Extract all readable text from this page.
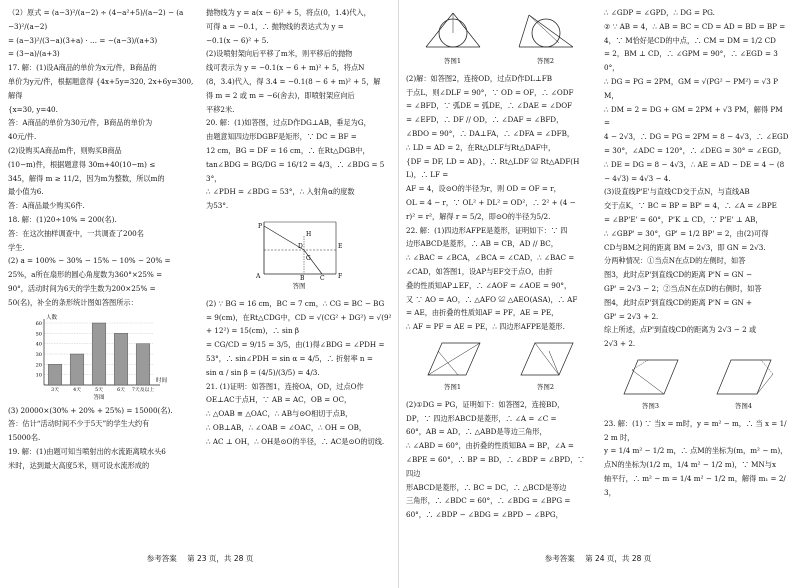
（2）原式 = (a−3)²/(a−2) ÷ (4−a²+5)/(a−2) − (a−3)²/(a−2)

= (a−3)²/(3−a)(3+a) · … = −(a−3)/(a+3)

= (3−a)/(a+3)

17. 解：(1)设A商品的单价为x元/件，B商品的

单价为y元/件，根据题意得 {4x+5y=320, 2x+6y=300, 解得

{x=30, y=40.

答：A商品的单价为30元/件，B商品的单价为

40元/件.

(2)设购买A商品m件，则购买B商品

(10−m)件，根据题意得 30m+40(10−m) ≤

345，解得 m ≥ 11/2，因为m为整数，所以m的

最小值为6.

答：A商品最少购买6件.

18. 解：(1)20÷10% = 200(名).

答：在这次抽样调查中，一共调查了200名

学生.

(2) a = 100% − 30% − 15% − 10% − 20% =

25%，a所在扇形的圆心角度数为360°×25% =

90°，活动时间为6天的学生数为200×25% =

50(名)，补全的条形统计图如答图所示：

10
20
30
40
50
60
人数
时间
3天	4天	5天	6天 7天及以上
答图

(3) 20000×(30% + 20% + 25%) = 15000(名).

答：估计“活动时间不少于5天”的学生大约有

15000名.

19. 解：(1)由题可知当喷射出的水流距离喷水头6

米时，达到最大高度5米，则可设水流形成的

抛物线为 y = a(x − 6)² + 5，将点(0，1.4)代入，

可得 a = −0.1，∴ 抛物线的表达式为 y =

−0.1(x − 6)² + 5.

(2)设喷射架向后平移了m米，则平移后的抛物

线可表示为 y = −0.1(x − 6 + m)² + 5，将点N

(8，3.4)代入，得 3.4 = −0.1(8 − 6 + m)² + 5，解

得 m = 2 或 m = −6(舍去)，即喷射架应向后

平移2米.

20. 解：(1)如答图，过点D作DG⊥AB，垂足为G，

由题意知四边形DGBF是矩形，∵ DC = BF =

12 cm，BG = DF = 16 cm，∴ 在Rt△DGB中，

tan∠BDG = BG/DG = 16/12 = 4/3，∴ ∠BDG = 53°，

∴ ∠PDH = ∠BDG = 53°，∴ 入射角α的度数

为53°.

P
H
D	E
G
A	B	C F
答图

(2) ∵ BG = 16 cm，BC = 7 cm，∴ CG = BC − BG

= 9(cm)，在Rt△CDG中，CD = √(CG² + DG²) = √(9² + 12²) = 15(cm)，∴ sin β

= CG/CD = 9/15 = 3/5，由(1)得∠BDG = ∠PDH =

53°，∴ sin∠PDH = sin α = 4/5，∴ 折射率 n =

sin α / sin β = (4/5)/(3/5) = 4/3.

21. (1)证明：如答图1，连接OA，OD，过点O作

OE⊥AC于点H，∵ AB = AC，OB = OC，

∴ △OAB ≌ △OAC，∴ AB与⊙O相切于点B，

∴ OB⊥AB，∴ ∠OAB = ∠OAC，∴ OH = OB，

∴ AC ⊥ OH，∴ OH是⊙O的半径，∴ AC是⊙O的切线.

参考答案 第 23 页，共 28 页
答图1	答图2

(2)解：如答图2，连接OD，过点D作DL⊥FB

于点L，则∠DLF = 90°，∵ OD = OF，∴ ∠ODF

= ∠BFD，∵ 弧DE = 弧DE，∴ ∠DAE = ∠DOF

= ∠EFD，∴ DF // OD，∴ ∠DAF = ∠BFD，

∠BDO = 90°，∴ DA⊥FA，∴ ∠DFA = ∠DFB，

∴ LD = AD = 2，在Rt△DLF与Rt△DAF中，

{DF = DF, LD = AD}，∴ Rt△LDF ≌ Rt△ADF(HL)，∴ LF =

AF = 4，设⊙O的半径为r，则 OD = OF = r，

OL = 4 − r，∵ OL² + DL² = OD²，∴ 2² + (4 −

r)² = r²，解得 r = 5/2，即⊙O的半径为5/2.

22. 解：(1)四边形AFPE是菱形，证明如下：∵ 四

边形ABCD是菱形，∴ AB = CB，AD // BC，

∴ ∠BAC = ∠BCA，∠BCA = ∠CAD，∴ ∠BAC =

∠CAD，如答图1，设AP与EF交于点O，由折

叠的性质知AP⊥EF，∴ ∠AOF = ∠AOE = 90°，

又 ∵ AO = AO，∴ △AFO ≌ △AEO(ASA)，∴ AF

= AE，由折叠的性质知AF = PF，AE = PE，

∴ AF = PF = AE = PE，∴ 四边形AFPE是菱形.

答图1	答图2

(2)①DG = PG，证明如下：如答图2，连接BD，

DP，∵ 四边形ABCD是菱形，∴ ∠A = ∠C =

60°，AB = AD，∴ △ABD是等边三角形，

∴ ∠ABD = 60°，由折叠的性质知BA = BP，∠A =

∠BPE = 60°，∴ BP = BD，∴ ∠BDP = ∠BPD，∵ 四边

形ABCD是菱形，∴ BC = DC，∴ △BCD是等边

三角形，∴ ∠BDC = 60°，∴ ∠BDG = ∠BPG =

60°，∴ ∠BDP − ∠BDG = ∠BPD − ∠BPG，

∴ ∠GDP = ∠GPD，∴ DG = PG.

② ∵ AB = 4，∴ AB = BC = CD = AD = BD = BP =

4，∵ M恰好是CD的中点，∴ CM = DM = 1/2 CD

= 2，BM ⊥ CD，∴ ∠GPM = 90°，∴ ∠EGD = 30°，

∴ DG = PG = 2PM，GM = √(PG² − PM²) = √3 PM，

∴ DM = 2 = DG + GM = 2PM + √3 PM，解得 PM =

4 − 2√3，∴ DG = PG = 2PM = 8 − 4√3，∴ ∠EGD

= 30°，∠ADC = 120°，∴ ∠DEG = 30° = ∠EGD，

∴ DE = DG = 8 − 4√3，∴ AE = AD − DE = 4 − (8

− 4√3) = 4√3 − 4.

(3)设直线P'E'与直线CD交于点N，与直线AB

交于点K，∵ BC = BP = BP' = 4，∴ ∠A = ∠BPE

= ∠BP'E' = 60°，P'K ⊥ CD，∵ P'E' ⊥ AB，

∴ ∠GBP' = 30°，GP' = 1/2 BP' = 2，由(2)可得

CD与BM之间的距离 BM = 2√3，即 GN = 2√3.

分两种情况：①当点N在点D的左侧时，如答

图3，此时点P'到直线CD的距离 P'N = GN −

GP' = 2√3 − 2；②当点N在点D的右侧时，如答

图4，此时点P'到直线CD的距离 P'N = GN +

GP' = 2√3 + 2.

综上所述，点P'到直线CD的距离为 2√3 − 2 或

2√3 + 2.

答图3	答图4

23. 解：(1) ∵ 当x = m时，y = m² − m，∴ 当 x = 1/2 m 时，

y = 1/4 m² − 1/2 m，∴ 点M的坐标为(m，m² − m)，

点N的坐标为(1/2 m，1/4 m² − 1/2 m)，∵ MN与x

轴平行，∴ m² − m = 1/4 m² − 1/2 m，解得 m₁ = 2/3，

参考答案 第 24 页，共 28 页
